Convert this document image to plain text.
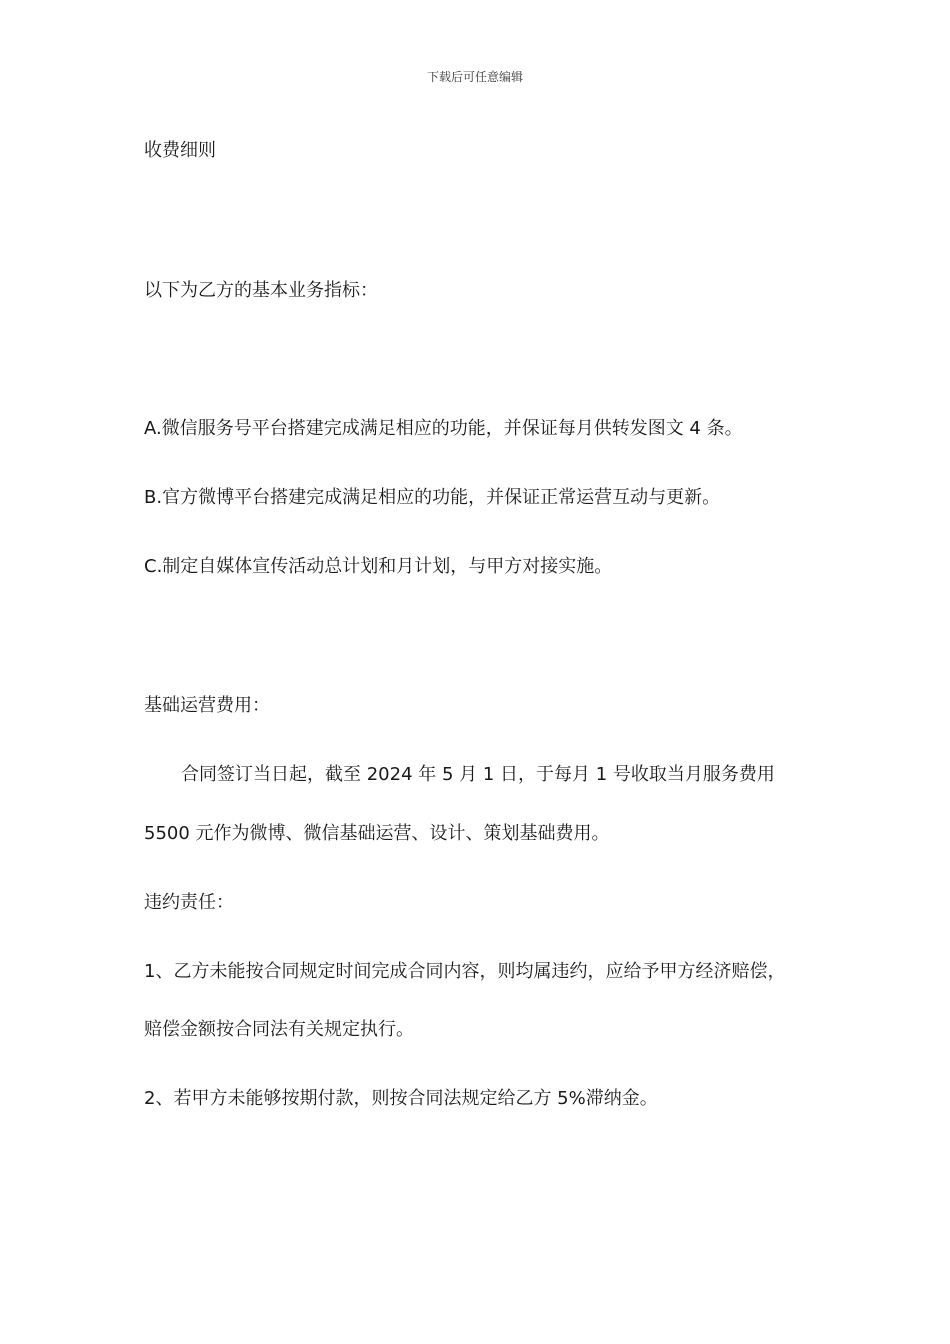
下载后可任意编辑
收费细则
以下为乙方的基本业务指标：
A.微信服务号平台搭建完成满足相应的功能，并保证每月供转发图文 4 条。
B.官方微博平台搭建完成满足相应的功能，并保证正常运营互动与更新。
C.制定自媒体宣传活动总计划和月计划，与甲方对接实施。
基础运营费用：
合同签订当日起，截至 2024 年 5 月 1 日，于每月 1 号收取当月服务费用
5500 元作为微博、微信基础运营、设计、策划基础费用。
违约责任：
1、乙方未能按合同规定时间完成合同内容，则均属违约，应给予甲方经济赔偿，
赔偿金额按合同法有关规定执行。
2、若甲方未能够按期付款，则按合同法规定给乙方 5%滞纳金。
